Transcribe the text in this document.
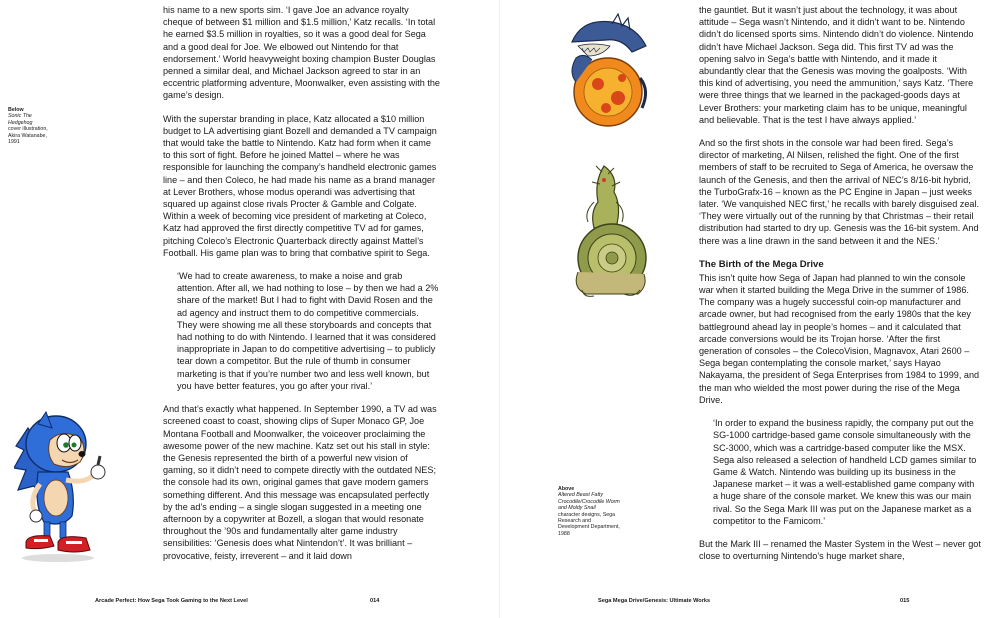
Below
Sonic The Hedgehog
cover illustration, Akira Watanabe, 1991

his name to a new sports sim. ‘I gave Joe an advance royalty cheque of between $1 million and $1.5 million,’ Katz recalls. ‘In total he earned $3.5 million in royalties, so it was a good deal for Sega and a good deal for Joe. We elbowed out Nintendo for that endorsement.’ World heavyweight boxing champion Buster Douglas penned a similar deal, and Michael Jackson agreed to star in an eccentric platforming adventure, Moonwalker, even assisting with the game’s design.

With the superstar branding in place, Katz allocated a $10 million budget to LA advertising giant Bozell and demanded a TV campaign that would take the battle to Nintendo. Katz had form when it came to this sort of fight. Before he joined Mattel – where he was responsible for launching the company’s handheld electronic games line – and then Coleco, he had made his name as a brand manager at Lever Brothers, whose modus operandi was advertising that squared up against close rivals Procter & Gamble and Colgate. Within a week of becoming vice president of marketing at Coleco, Katz had approved the first directly competitive TV ad for games, pitching Coleco’s Electronic Quarterback directly against Mattel’s Football. His game plan was to bring that combative spirit to Sega.

‘We had to create awareness, to make a noise and grab attention. After all, we had nothing to lose – by then we had a 2% share of the market! But I had to fight with David Rosen and the ad agency and instruct them to do competitive commercials. They were showing me all these storyboards and concepts that had nothing to do with Nintendo. I learned that it was considered inappropriate in Japan to do competitive advertising – to publicly tear down a competitor. But the rule of thumb in consumer marketing is that if you’re number two and less well known, but you have better features, you go after your rival.’

And that’s exactly what happened. In September 1990, a TV ad was screened coast to coast, showing clips of Super Monaco GP, Joe Montana Football and Moonwalker, the voiceover proclaiming the awesome power of the new machine. Katz set out his stall in style: the Genesis represented the birth of a powerful new vision of gaming, so it didn’t need to compete directly with the outdated NES; the console had its own, original games that gave modern gamers something different. And this message was encapsulated perfectly by the ad’s ending – a single slogan suggested in a meeting one afternoon by a copywriter at Bozell, a slogan that would resonate throughout the ’90s and fundamentally alter game industry sensibilities: ‘Genesis does what Nintendon’t’. It was brilliant – provocative, feisty, irreverent – and it laid down

Arcade Perfect: How Sega Took Gaming to the Next Level	014
Above
Altered Beast Fatty Crocodile/Crocodile Worm and Moldy Snail
character designs, Sega Research and Development Department, 1988

the gauntlet. But it wasn’t just about the technology, it was about attitude – Sega wasn’t Nintendo, and it didn’t want to be. Nintendo didn’t do licensed sports sims. Nintendo didn’t do violence. Nintendo didn’t have Michael Jackson. Sega did. This first TV ad was the opening salvo in Sega’s battle with Nintendo, and it made it abundantly clear that the Genesis was moving the goalposts. ‘With this kind of advertising, you need the ammunition,’ says Katz. ‘There were three things that we learned in the packaged-goods days at Lever Brothers: your marketing claim has to be unique, meaningful and believable. That is the test I have always applied.’

And so the first shots in the console war had been fired. Sega’s director of marketing, Al Nilsen, relished the fight. One of the first members of staff to be recruited to Sega of America, he oversaw the launch of the Genesis, and then the arrival of NEC’s 8/16-bit hybrid, the TurboGrafx-16 – known as the PC Engine in Japan – just weeks later. ‘We vanquished NEC first,’ he recalls with barely disguised zeal. ‘They were virtually out of the running by that Christmas – their retail distribution had started to dry up. Genesis was the 16-bit system. And there was a line drawn in the sand between it and the NES.’

The Birth of the Mega Drive

This isn’t quite how Sega of Japan had planned to win the console war when it started building the Mega Drive in the summer of 1986. The company was a hugely successful coin-op manufacturer and arcade owner, but had recognised from the early 1980s that the key battleground ahead lay in people’s homes – and it calculated that arcade conversions would be its Trojan horse. ‘After the first generation of consoles – the ColecoVision, Magnavox, Atari 2600 – Sega began contemplating the console market,’ says Hayao Nakayama, the president of Sega Enterprises from 1984 to 1999, and the man who wielded the most power during the rise of the Mega Drive.

‘In order to expand the business rapidly, the company put out the SG-1000 cartridge-based game console simultaneously with the SC-3000, which was a cartridge-based computer like the MSX. Sega also released a selection of handheld LCD games similar to Game & Watch. Nintendo was building up its business in the Japanese market – it was a well-established game company with a huge share of the console market. We knew this was our main rival. So the Sega Mark III was put on the Japanese market as a competitor to the Famicom.’

But the Mark III – renamed the Master System in the West – never got close to overturning Nintendo’s huge market share,

Sega Mega Drive/Genesis: Ultimate Works	015
